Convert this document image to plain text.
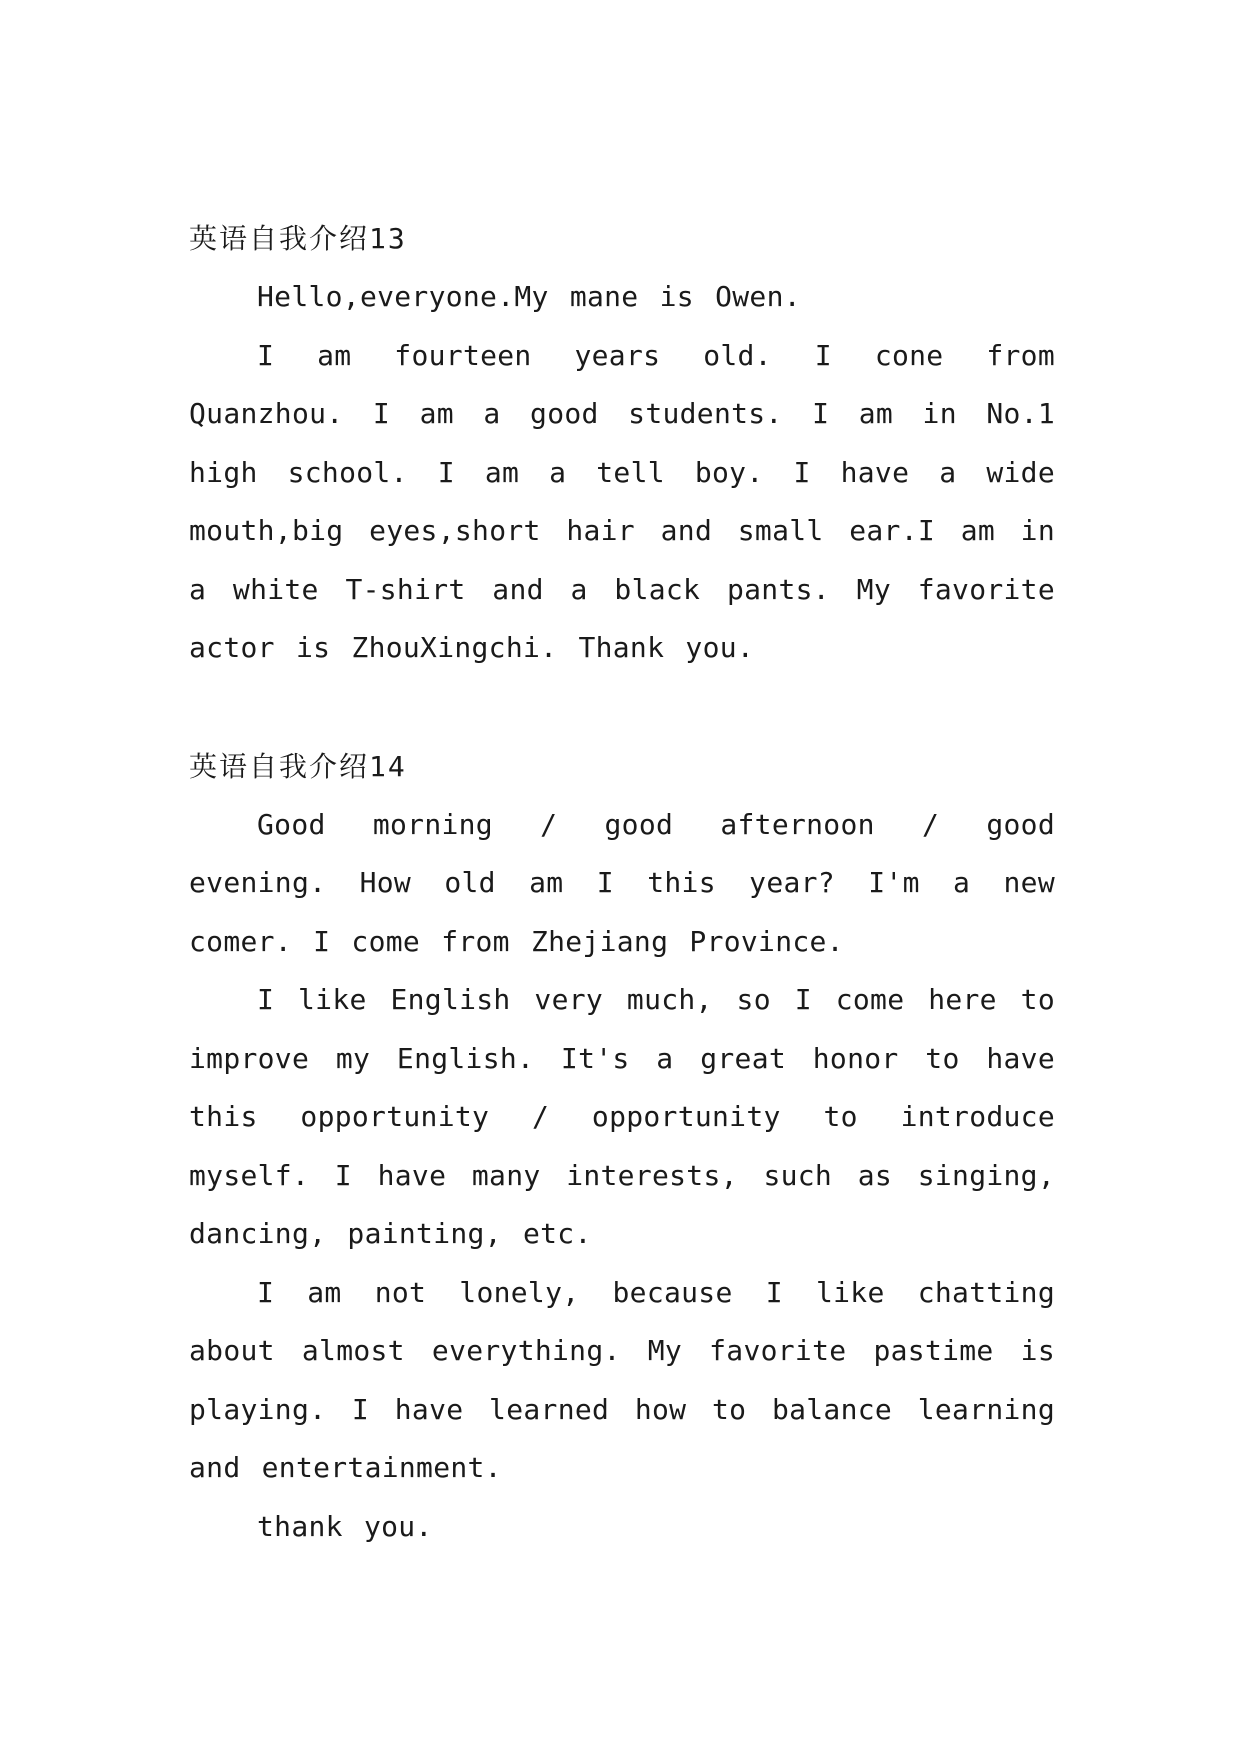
英语自我介绍13

Hello,everyone.My mane is Owen.

I am fourteen years old. I cone from Quanzhou. I am a good students. I am in No.1 high school. I am a tell boy. I have a wide mouth,big eyes,short hair and small ear.I am in a white T-shirt and a black pants. My favorite actor is ZhouXingchi. Thank you.

英语自我介绍14

Good morning / good afternoon / good evening. How old am I this year? I'm a new comer. I come from Zhejiang Province.

I like English very much, so I come here to improve my English. It's a great honor to have this opportunity / opportunity to introduce myself. I have many interests, such as singing, dancing, painting, etc.

I am not lonely, because I like chatting about almost everything. My favorite pastime is playing. I have learned how to balance learning and entertainment.

thank you.
